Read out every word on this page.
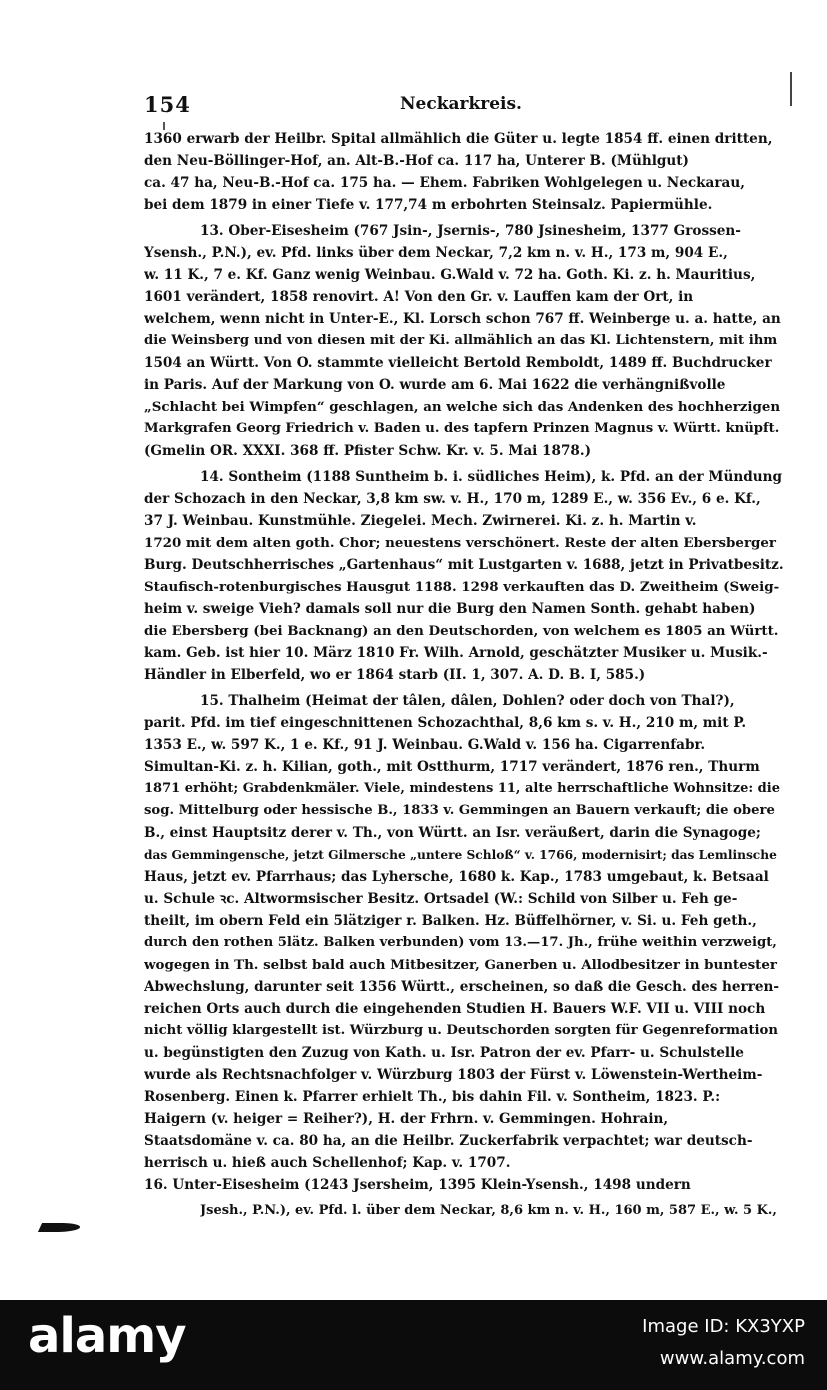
154	Neckarkreis.
1360 erwarb der Heilbr. Spital allmählich die Güter u. legte 1854 ff. einen dritten,
den Neu-Böllinger-Hof, an. Alt-B.-Hof ca. 117 ha, Unterer B. (Mühlgut)
ca. 47 ha, Neu-B.-Hof ca. 175 ha. — Ehem. Fabriken Wohlgelegen u. Neckarau,
bei dem 1879 in einer Tiefe v. 177,74 m erbohrten Steinsalz. Papiermühle.
13. Ober-Eisesheim (767 Jsin-, Jsernis-, 780 Jsinesheim, 1377 Grossen-
Ysensh., P.N.), ev. Pfd. links über dem Neckar, 7,2 km n. v. H., 173 m, 904 E.,
w. 11 K., 7 e. Kf. Ganz wenig Weinbau. G.Wald v. 72 ha. Goth. Ki. z. h. Mauritius,
1601 verändert, 1858 renovirt. A! Von den Gr. v. Lauffen kam der Ort, in
welchem, wenn nicht in Unter-E., Kl. Lorsch schon 767 ff. Weinberge u. a. hatte, an
die Weinsberg und von diesen mit der Ki. allmählich an das Kl. Lichtenstern, mit ihm
1504 an Württ. Von O. stammte vielleicht Bertold Remboldt, 1489 ff. Buchdrucker
in Paris. Auf der Markung von O. wurde am 6. Mai 1622 die verhängnißvolle
„Schlacht bei Wimpfen“ geschlagen, an welche sich das Andenken des hochherzigen
Markgrafen Georg Friedrich v. Baden u. des tapfern Prinzen Magnus v. Württ. knüpft.
(Gmelin OR. XXXI. 368 ff. Pfister Schw. Kr. v. 5. Mai 1878.)
14. Sontheim (1188 Suntheim b. i. südliches Heim), k. Pfd. an der Mündung
der Schozach in den Neckar, 3,8 km sw. v. H., 170 m, 1289 E., w. 356 Ev., 6 e. Kf.,
37 J. Weinbau. Kunstmühle. Ziegelei. Mech. Zwirnerei. Ki. z. h. Martin v.
1720 mit dem alten goth. Chor; neuestens verschönert. Reste der alten Ebersberger
Burg. Deutschherrisches „Gartenhaus“ mit Lustgarten v. 1688, jetzt in Privatbesitz.
Staufisch-rotenburgisches Hausgut 1188. 1298 verkauften das D. Zweitheim (Sweig-
heim v. sweige Vieh? damals soll nur die Burg den Namen Sonth. gehabt haben)
die Ebersberg (bei Backnang) an den Deutschorden, von welchem es 1805 an Württ.
kam. Geb. ist hier 10. März 1810 Fr. Wilh. Arnold, geschätzter Musiker u. Musik.-
Händler in Elberfeld, wo er 1864 starb (II. 1, 307. A. D. B. I, 585.)
15. Thalheim (Heimat der tâlen, dâlen, Dohlen? oder doch von Thal?),
parit. Pfd. im tief eingeschnittenen Schozachthal, 8,6 km s. v. H., 210 m, mit P.
1353 E., w. 597 K., 1 e. Kf., 91 J. Weinbau. G.Wald v. 156 ha. Cigarrenfabr.
Simultan-Ki. z. h. Kilian, goth., mit Ostthurm, 1717 verändert, 1876 ren., Thurm
1871 erhöht; Grabdenkmäler. Viele, mindestens 11, alte herrschaftliche Wohnsitze: die
sog. Mittelburg oder hessische B., 1833 v. Gemmingen an Bauern verkauft; die obere
B., einst Hauptsitz derer v. Th., von Württ. an Isr. veräußert, darin die Synagoge;
das Gemmingensche, jetzt Gilmersche „untere Schloß“ v. 1766, modernisirt; das Lemlinsche
Haus, jetzt ev. Pfarrhaus; das Lyhersche, 1680 k. Kap., 1783 umgebaut, k. Betsaal
u. Schule ꝛc. Altwormsischer Besitz. Ortsadel (W.: Schild von Silber u. Feh ge-
theilt, im obern Feld ein 5lätziger r. Balken. Hz. Büffelhörner, v. Si. u. Feh geth.,
durch den rothen 5lätz. Balken verbunden) vom 13.—17. Jh., frühe weithin verzweigt,
wogegen in Th. selbst bald auch Mitbesitzer, Ganerben u. Allodbesitzer in buntester
Abwechslung, darunter seit 1356 Württ., erscheinen, so daß die Gesch. des herren-
reichen Orts auch durch die eingehenden Studien H. Bauers W.F. VII u. VIII noch
nicht völlig klargestellt ist. Würzburg u. Deutschorden sorgten für Gegenreformation
u. begünstigten den Zuzug von Kath. u. Isr. Patron der ev. Pfarr- u. Schulstelle
wurde als Rechtsnachfolger v. Würzburg 1803 der Fürst v. Löwenstein-Wertheim-
Rosenberg. Einen k. Pfarrer erhielt Th., bis dahin Fil. v. Sontheim, 1823. P.:
Haigern (v. heiger = Reiher?), H. der Frhrn. v. Gemmingen. Hohrain,
Staatsdomäne v. ca. 80 ha, an die Heilbr. Zuckerfabrik verpachtet; war deutsch-
herrisch u. hieß auch Schellenhof; Kap. v. 1707.
16. Unter-Eisesheim (1243 Jsersheim, 1395 Klein-Ysensh., 1498 undern
Jsesh., P.N.), ev. Pfd. l. über dem Neckar, 8,6 km n. v. H., 160 m, 587 E., w. 5 K.,
alamy	Image ID: KX3YXP
www.alamy.com
